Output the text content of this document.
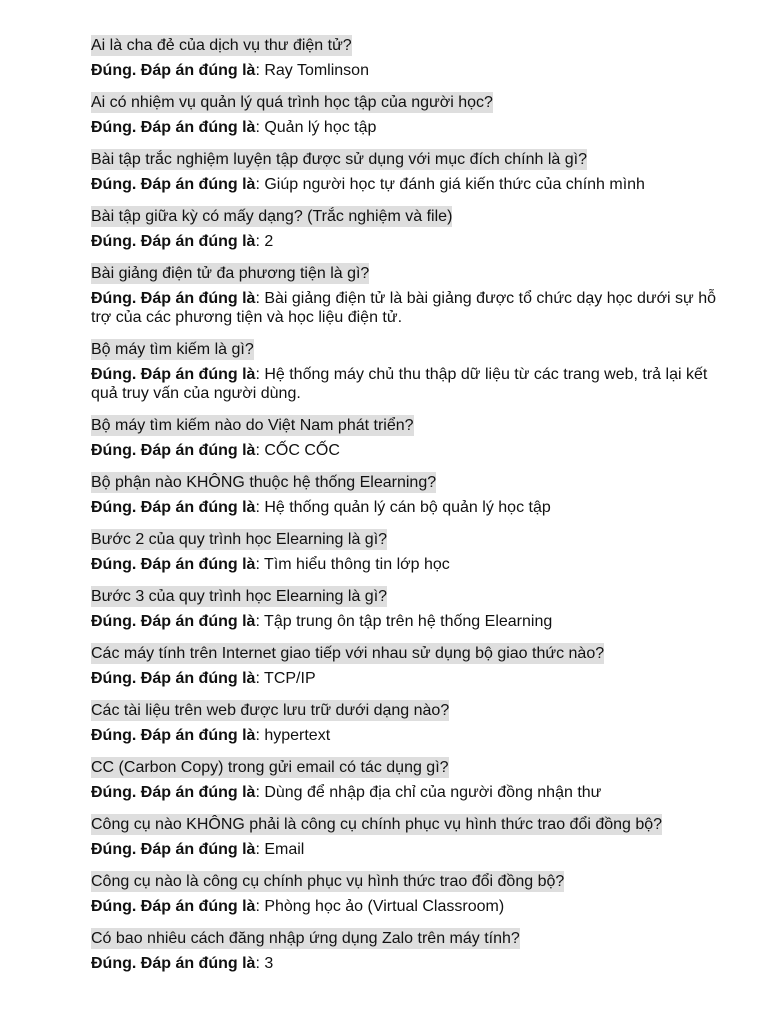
Ai là cha đẻ của dịch vụ thư điện tử?

Đúng. Đáp án đúng là: Ray Tomlinson

Ai có nhiệm vụ quản lý quá trình học tập của người học?

Đúng. Đáp án đúng là: Quản lý học tập

Bài tập trắc nghiệm luyện tập được sử dụng với mục đích chính là gì?

Đúng. Đáp án đúng là: Giúp người học tự đánh giá kiến thức của chính mình

Bài tập giữa kỳ có mấy dạng? (Trắc nghiệm và file)

Đúng. Đáp án đúng là: 2

Bài giảng điện tử đa phương tiện là gì?

Đúng. Đáp án đúng là: Bài giảng điện tử là bài giảng được tổ chức dạy học dưới sự hỗ trợ của các phương tiện và học liệu điện tử.

Bộ máy tìm kiếm là gì?

Đúng. Đáp án đúng là: Hệ thống máy chủ thu thập dữ liệu từ các trang web, trả lại kết quả truy vấn của người dùng.

Bộ máy tìm kiếm nào do Việt Nam phát triển?

Đúng. Đáp án đúng là: CỐC CỐC

Bộ phận nào KHÔNG thuộc hệ thống Elearning?

Đúng. Đáp án đúng là: Hệ thống quản lý cán bộ quản lý học tập

Bước 2 của quy trình học Elearning là gì?

Đúng. Đáp án đúng là: Tìm hiểu thông tin lớp học

Bước 3 của quy trình học Elearning là gì?

Đúng. Đáp án đúng là: Tập trung ôn tập trên hệ thống Elearning

Các máy tính trên Internet giao tiếp với nhau sử dụng bộ giao thức nào?

Đúng. Đáp án đúng là: TCP/IP

Các tài liệu trên web được lưu trữ dưới dạng nào?

Đúng. Đáp án đúng là: hypertext

CC (Carbon Copy) trong gửi email có tác dụng gì?

Đúng. Đáp án đúng là: Dùng để nhập địa chỉ của người đồng nhận thư

Công cụ nào KHÔNG phải là công cụ chính phục vụ hình thức trao đổi đồng bộ?

Đúng. Đáp án đúng là: Email

Công cụ nào là công cụ chính phục vụ hình thức trao đổi đồng bộ?

Đúng. Đáp án đúng là: Phòng học ảo (Virtual Classroom)

Có bao nhiêu cách đăng nhập ứng dụng Zalo trên máy tính?

Đúng. Đáp án đúng là: 3
